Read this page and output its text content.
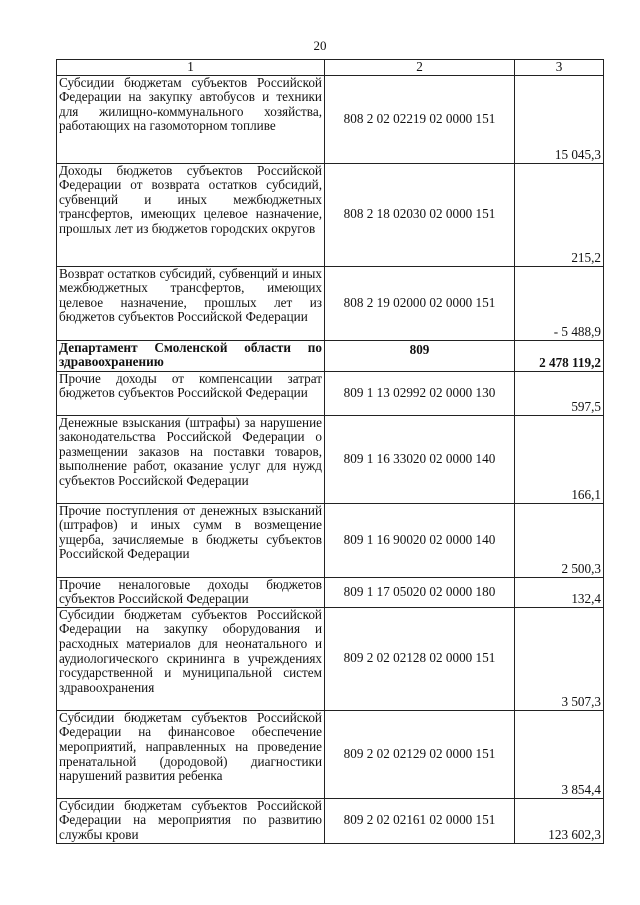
20
1	2	3
Субсидии бюджетам субъектов Российской Федерации на закупку автобусов и техники для жилищно-коммунального хозяйства, работающих на газомоторном топливе	808 2 02 02219 02 0000 151	15 045,3
Доходы бюджетов субъектов Российской Федерации от возврата остатков субсидий, субвенций и иных межбюджетных трансфертов, имеющих целевое назначение, прошлых лет из бюджетов городских округов	808 2 18 02030 02 0000 151	215,2
Возврат остатков субсидий, субвенций и иных межбюджетных трансфертов, имеющих целевое назначение, прошлых лет из бюджетов субъектов Российской Федерации	808 2 19 02000 02 0000 151	- 5 488,9
Департамент Смоленской области по здравоохранению	809	2 478 119,2
Прочие доходы от компенсации затрат бюджетов субъектов Российской Федерации	809 1 13 02992 02 0000 130	597,5
Денежные взыскания (штрафы) за нарушение законодательства Российской Федерации о размещении заказов на поставки товаров, выполнение работ, оказание услуг для нужд субъектов Российской Федерации	809 1 16 33020 02 0000 140	166,1
Прочие поступления от денежных взысканий (штрафов) и иных сумм в возмещение ущерба, зачисляемые в бюджеты субъектов Российской Федерации	809 1 16 90020 02 0000 140	2 500,3
Прочие неналоговые доходы бюджетов субъектов Российской Федерации	809 1 17 05020 02 0000 180	132,4
Субсидии бюджетам субъектов Российской Федерации на закупку оборудования и расходных материалов для неонатального и аудиологического скрининга в учреждениях государственной и муниципальной систем здравоохранения	809 2 02 02128 02 0000 151	3 507,3
Субсидии бюджетам субъектов Российской Федерации на финансовое обеспечение мероприятий, направленных на проведение пренатальной (дородовой) диагностики нарушений развития ребенка	809 2 02 02129 02 0000 151	3 854,4
Субсидии бюджетам субъектов Российской Федерации на мероприятия по развитию службы крови	809 2 02 02161 02 0000 151	123 602,3
